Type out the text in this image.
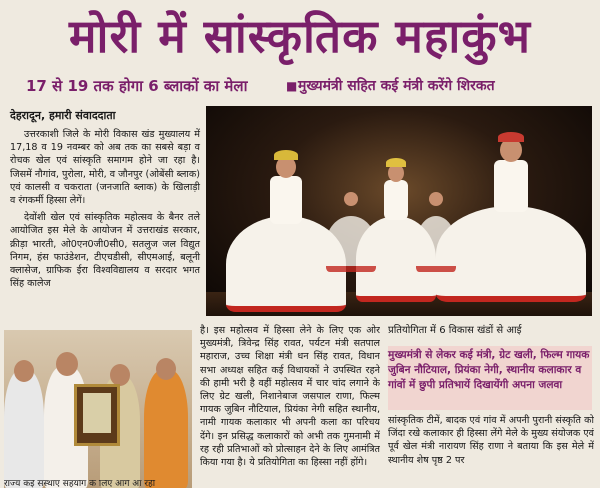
मोरी में सांस्कृतिक महाकुंभ
17 से 19 तक होगा 6 ब्लाकों का मेला	■ मुख्यमंत्री सहित कई मंत्री करेंगे शिरकत
देहरादून, हमारी संवाददाता

उत्तरकाशी जिले के मोरी विकास खंड मुख्यालय में 17,18 व 19 नवम्बर को अब तक का सबसे बड़ा व रोचक खेल एवं सांस्कृति समागम होने जा रहा है। जिसमें नौगांव, पुरोला, मोरी, व जौनपुर (ओबेंसी ब्लाक) एवं कालसी व चकराता (जनजाति ब्लाक) के खिलाड़ी व रंगकर्मी हिस्सा लेगें।

देवोंशी खेल एवं सांस्कृतिक महोत्सव के बैनर तले आयोजित इस मेले के आयोजन में उत्तराखंड सरकार, क्रीड़ा भारती, ओ0एन0जी0सी0, सतलुज जल विद्युत निगम, हंस फाउंडेशन, टीएचडीसी, सीएमआई, बलूनी क्लासेज, ग्राफिक ईरा विश्वविद्यालय व सरदार भगत सिंह कालेज

राज्य कई संस्थाएं सहयोग के लिए आगे आ रही
है। इस महोत्सव में हिस्सा लेने के लिए एक ओर मुख्यमंत्री, त्रिवेन्द्र सिंह रावत, पर्यटन मंत्री सतपाल महाराज, उच्च शिक्षा मंत्री धन सिंह रावत, विधान सभा अध्यक्ष सहित कई विधायकों ने उपस्थित रहने की हामी भरी है वहीं महोत्सव में चार चांद लगाने के लिए ग्रेट खली, निशानेबाज जसपाल राणा, फिल्म गायक जुबिन नौटियाल, प्रियंका नेगी सहित स्थानीय, नामी गायक कलाकार भी अपनी कला का परिचय देंगे। इन प्रसिद्ध कलाकारों को अभी तक गुमनामी में रह रही प्रतिभाओं को प्रोत्साहन देने के लिए आमंत्रित किया गया है। ये प्रतियोगिता का हिस्सा नहीं होंगे।
प्रतियोगिता में 6 विकास खंडों से आई
मुख्यमंत्री से लेकर कई मंत्री, ग्रेट खली, फिल्म गायक जुबिन नौटियाल, प्रियंका नेगी, स्थानीय कलाकार व गांवों में छुपी प्रतिभायें दिखायेंगी अपना जलवा
सांस्कृतिक टीमें, बादक एवं गांव में अपनी पुरानी संस्कृति को जिंदा रखे कलाकार ही हिस्सा लेंगे मेले के मुख्य संयोजक एवं पूर्व खेल मंत्री नारायण सिंह राणा ने बताया कि इस मेले में स्थानीय शेष पृष्ठ 2 पर
